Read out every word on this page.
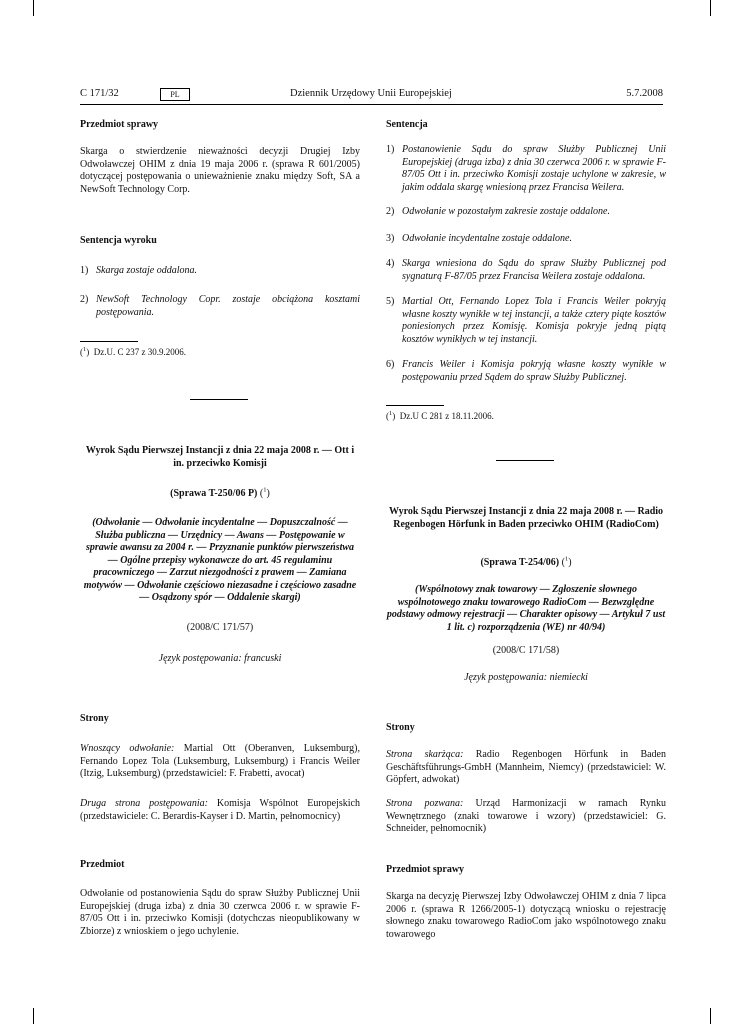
C 171/32	PL	Dziennik Urzędowy Unii Europejskiej	5.7.2008

Przedmiot sprawy

Skarga o stwierdzenie nieważności decyzji Drugiej Izby Odwoławczej OHIM z dnia 19 maja 2006 r. (sprawa R 601/2005) dotyczącej postępowania o unieważnienie znaku między Soft, SA a NewSoft Technology Corp.

Sentencja wyroku

1) Skarga zostaje oddalona.
2) NewSoft Technology Copr. zostaje obciążona kosztami postępowania.

($^1$)  Dz.U. C 237 z 30.9.2006.

Wyrok Sądu Pierwszej Instancji z dnia 22 maja 2008 r. — Ott i in. przeciwko Komisji

(Sprawa T-250/06 P) ($^1$)

(Odwołanie — Odwołanie incydentalne — Dopuszczalność — Służba publiczna — Urzędnicy — Awans — Postępowanie w sprawie awansu za 2004 r. — Przyznanie punktów pierwszeństwa — Ogólne przepisy wykonawcze do art. 45 regulaminu pracowniczego — Zarzut niezgodności z prawem — Zamiana motywów — Odwołanie częściowo niezasadne i częściowo zasadne — Osądzony spór — Oddalenie skargi)

(2008/C 171/57)

Język postępowania: francuski

Strony

Wnoszący odwołanie: Martial Ott (Oberanven, Luksemburg), Fernando Lopez Tola (Luksemburg, Luksemburg) i Francis Weiler (Itzig, Luksemburg) (przedstawiciel: F. Frabetti, avocat)

Druga strona postępowania: Komisja Wspólnot Europejskich (przedstawiciele: C. Berardis-Kayser i D. Martin, pełnomocnicy)

Przedmiot

Odwołanie od postanowienia Sądu do spraw Służby Publicznej Unii Europejskiej (druga izba) z dnia 30 czerwca 2006 r. w sprawie F-87/05 Ott i in. przeciwko Komisji (dotychczas nieopublikowany w Zbiorze) z wnioskiem o jego uchylenie.

Sentencja

1) Postanowienie Sądu do spraw Służby Publicznej Unii Europejskiej (druga izba) z dnia 30 czerwca 2006 r. w sprawie F-87/05 Ott i in. przeciwko Komisji zostaje uchylone w zakresie, w jakim oddala skargę wniesioną przez Francisa Weilera.
2) Odwołanie w pozostałym zakresie zostaje oddalone.
3) Odwołanie incydentalne zostaje oddalone.
4) Skarga wniesiona do Sądu do spraw Służby Publicznej pod sygnaturą F-87/05 przez Francisa Weilera zostaje oddalona.
5) Martial Ott, Fernando Lopez Tola i Francis Weiler pokryją własne koszty wynikłe w tej instancji, a także cztery piąte kosztów poniesionych przez Komisję. Komisja pokryje jedną piątą kosztów wynikłych w tej instancji.
6) Francis Weiler i Komisja pokryją własne koszty wynikłe w postępowaniu przed Sądem do spraw Służby Publicznej.

($^1$)  Dz.U C 281 z 18.11.2006.

Wyrok Sądu Pierwszej Instancji z dnia 22 maja 2008 r. — Radio Regenbogen Hörfunk in Baden przeciwko OHIM (RadioCom)

(Sprawa T-254/06) ($^1$)

(Wspólnotowy znak towarowy — Zgłoszenie słownego wspólnotowego znaku towarowego RadioCom — Bezwzględne podstawy odmowy rejestracji — Charakter opisowy — Artykuł 7 ust 1 lit. c) rozporządzenia (WE) nr 40/94)

(2008/C 171/58)

Język postępowania: niemiecki

Strony

Strona skarżąca: Radio Regenbogen Hörfunk in Baden Geschäftsführungs-GmbH (Mannheim, Niemcy) (przedstawiciel: W. Göpfert, adwokat)

Strona pozwana: Urząd Harmonizacji w ramach Rynku Wewnętrznego (znaki towarowe i wzory) (przedstawiciel: G. Schneider, pełnomocnik)

Przedmiot sprawy

Skarga na decyzję Pierwszej Izby Odwoławczej OHIM z dnia 7 lipca 2006 r. (sprawa R 1266/2005-1) dotyczącą wniosku o rejestrację słownego znaku towarowego RadioCom jako wspólnotowego znaku towarowego
